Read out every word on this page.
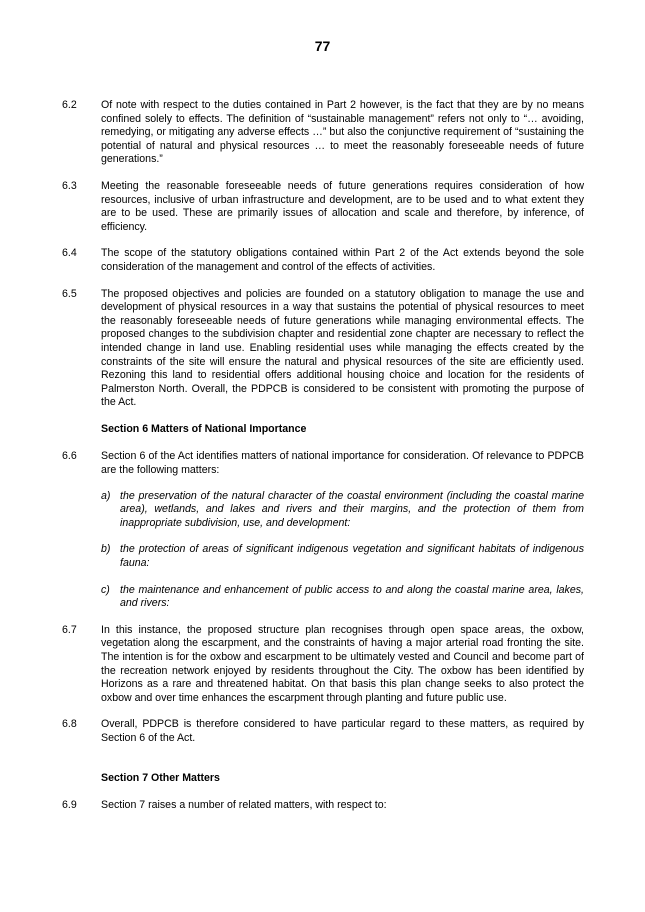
77
6.2 Of note with respect to the duties contained in Part 2 however, is the fact that they are by no means confined solely to effects. The definition of “sustainable management” refers not only to “… avoiding, remedying, or mitigating any adverse effects …” but also the conjunctive requirement of “sustaining the potential of natural and physical resources … to meet the reasonably foreseeable needs of future generations.”
6.3 Meeting the reasonable foreseeable needs of future generations requires consideration of how resources, inclusive of urban infrastructure and development, are to be used and to what extent they are to be used. These are primarily issues of allocation and scale and therefore, by inference, of efficiency.
6.4 The scope of the statutory obligations contained within Part 2 of the Act extends beyond the sole consideration of the management and control of the effects of activities.
6.5 The proposed objectives and policies are founded on a statutory obligation to manage the use and development of physical resources in a way that sustains the potential of physical resources to meet the reasonably foreseeable needs of future generations while managing environmental effects. The proposed changes to the subdivision chapter and residential zone chapter are necessary to reflect the intended change in land use. Enabling residential uses while managing the effects created by the constraints of the site will ensure the natural and physical resources of the site are efficiently used. Rezoning this land to residential offers additional housing choice and location for the residents of Palmerston North. Overall, the PDPCB is considered to be consistent with promoting the purpose of the Act.
Section 6 Matters of National Importance
6.6 Section 6 of the Act identifies matters of national importance for consideration. Of relevance to PDPCB are the following matters:
a) the preservation of the natural character of the coastal environment (including the coastal marine area), wetlands, and lakes and rivers and their margins, and the protection of them from inappropriate subdivision, use, and development:
b) the protection of areas of significant indigenous vegetation and significant habitats of indigenous fauna:
c) the maintenance and enhancement of public access to and along the coastal marine area, lakes, and rivers:
6.7 In this instance, the proposed structure plan recognises through open space areas, the oxbow, vegetation along the escarpment, and the constraints of having a major arterial road fronting the site. The intention is for the oxbow and escarpment to be ultimately vested and Council and become part of the recreation network enjoyed by residents throughout the City. The oxbow has been identified by Horizons as a rare and threatened habitat. On that basis this plan change seeks to also protect the oxbow and over time enhances the escarpment through planting and future public use.
6.8 Overall, PDPCB is therefore considered to have particular regard to these matters, as required by Section 6 of the Act.
Section 7 Other Matters
6.9 Section 7 raises a number of related matters, with respect to:
